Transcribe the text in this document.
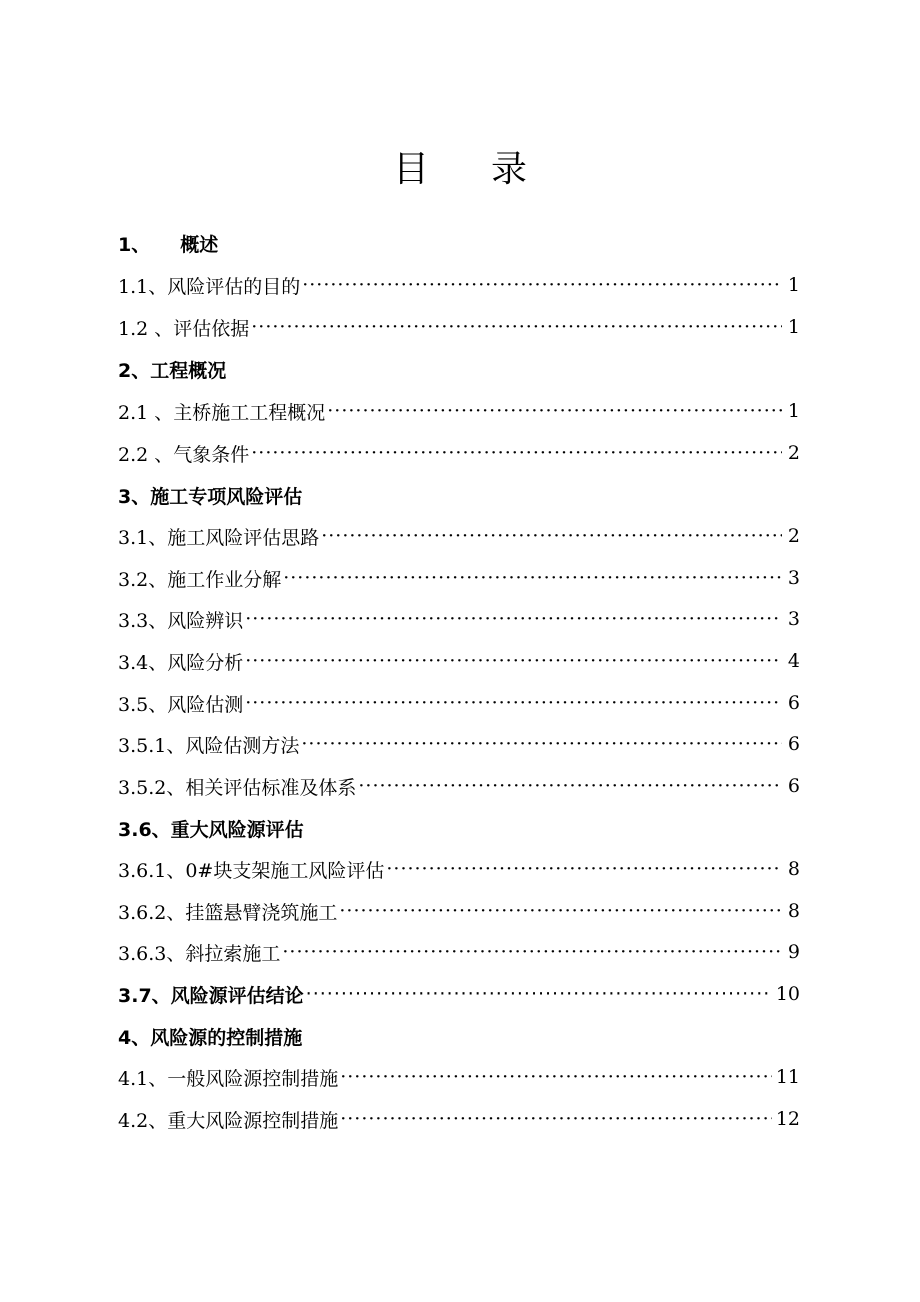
目 录
1、 概述
1.1、风险评估的目的 ·····	1
1.2 、评估依据 ·····	1
2、工程概况
2.1 、主桥施工工程概况 ·····	1
2.2 、气象条件 ·····	2
3、施工专项风险评估
3.1、施工风险评估思路 ·····	2
3.2、施工作业分解 ·····	3
3.3、风险辨识 ·····	3
3.4、风险分析 ·····	4
3.5、风险估测 ·····	6
3.5.1、风险估测方法 ·····	6
3.5.2、相关评估标准及体系 ·····	6
3.6、重大风险源评估
3.6.1、0#块支架施工风险评估 ·····	8
3.6.2、挂篮悬臂浇筑施工 ·····	8
3.6.3、斜拉索施工 ·····	9
3.7、风险源评估结论 ·····	10
4、风险源的控制措施
4.1、一般风险源控制措施 ·····	11
4.2、重大风险源控制措施 ·····	12
